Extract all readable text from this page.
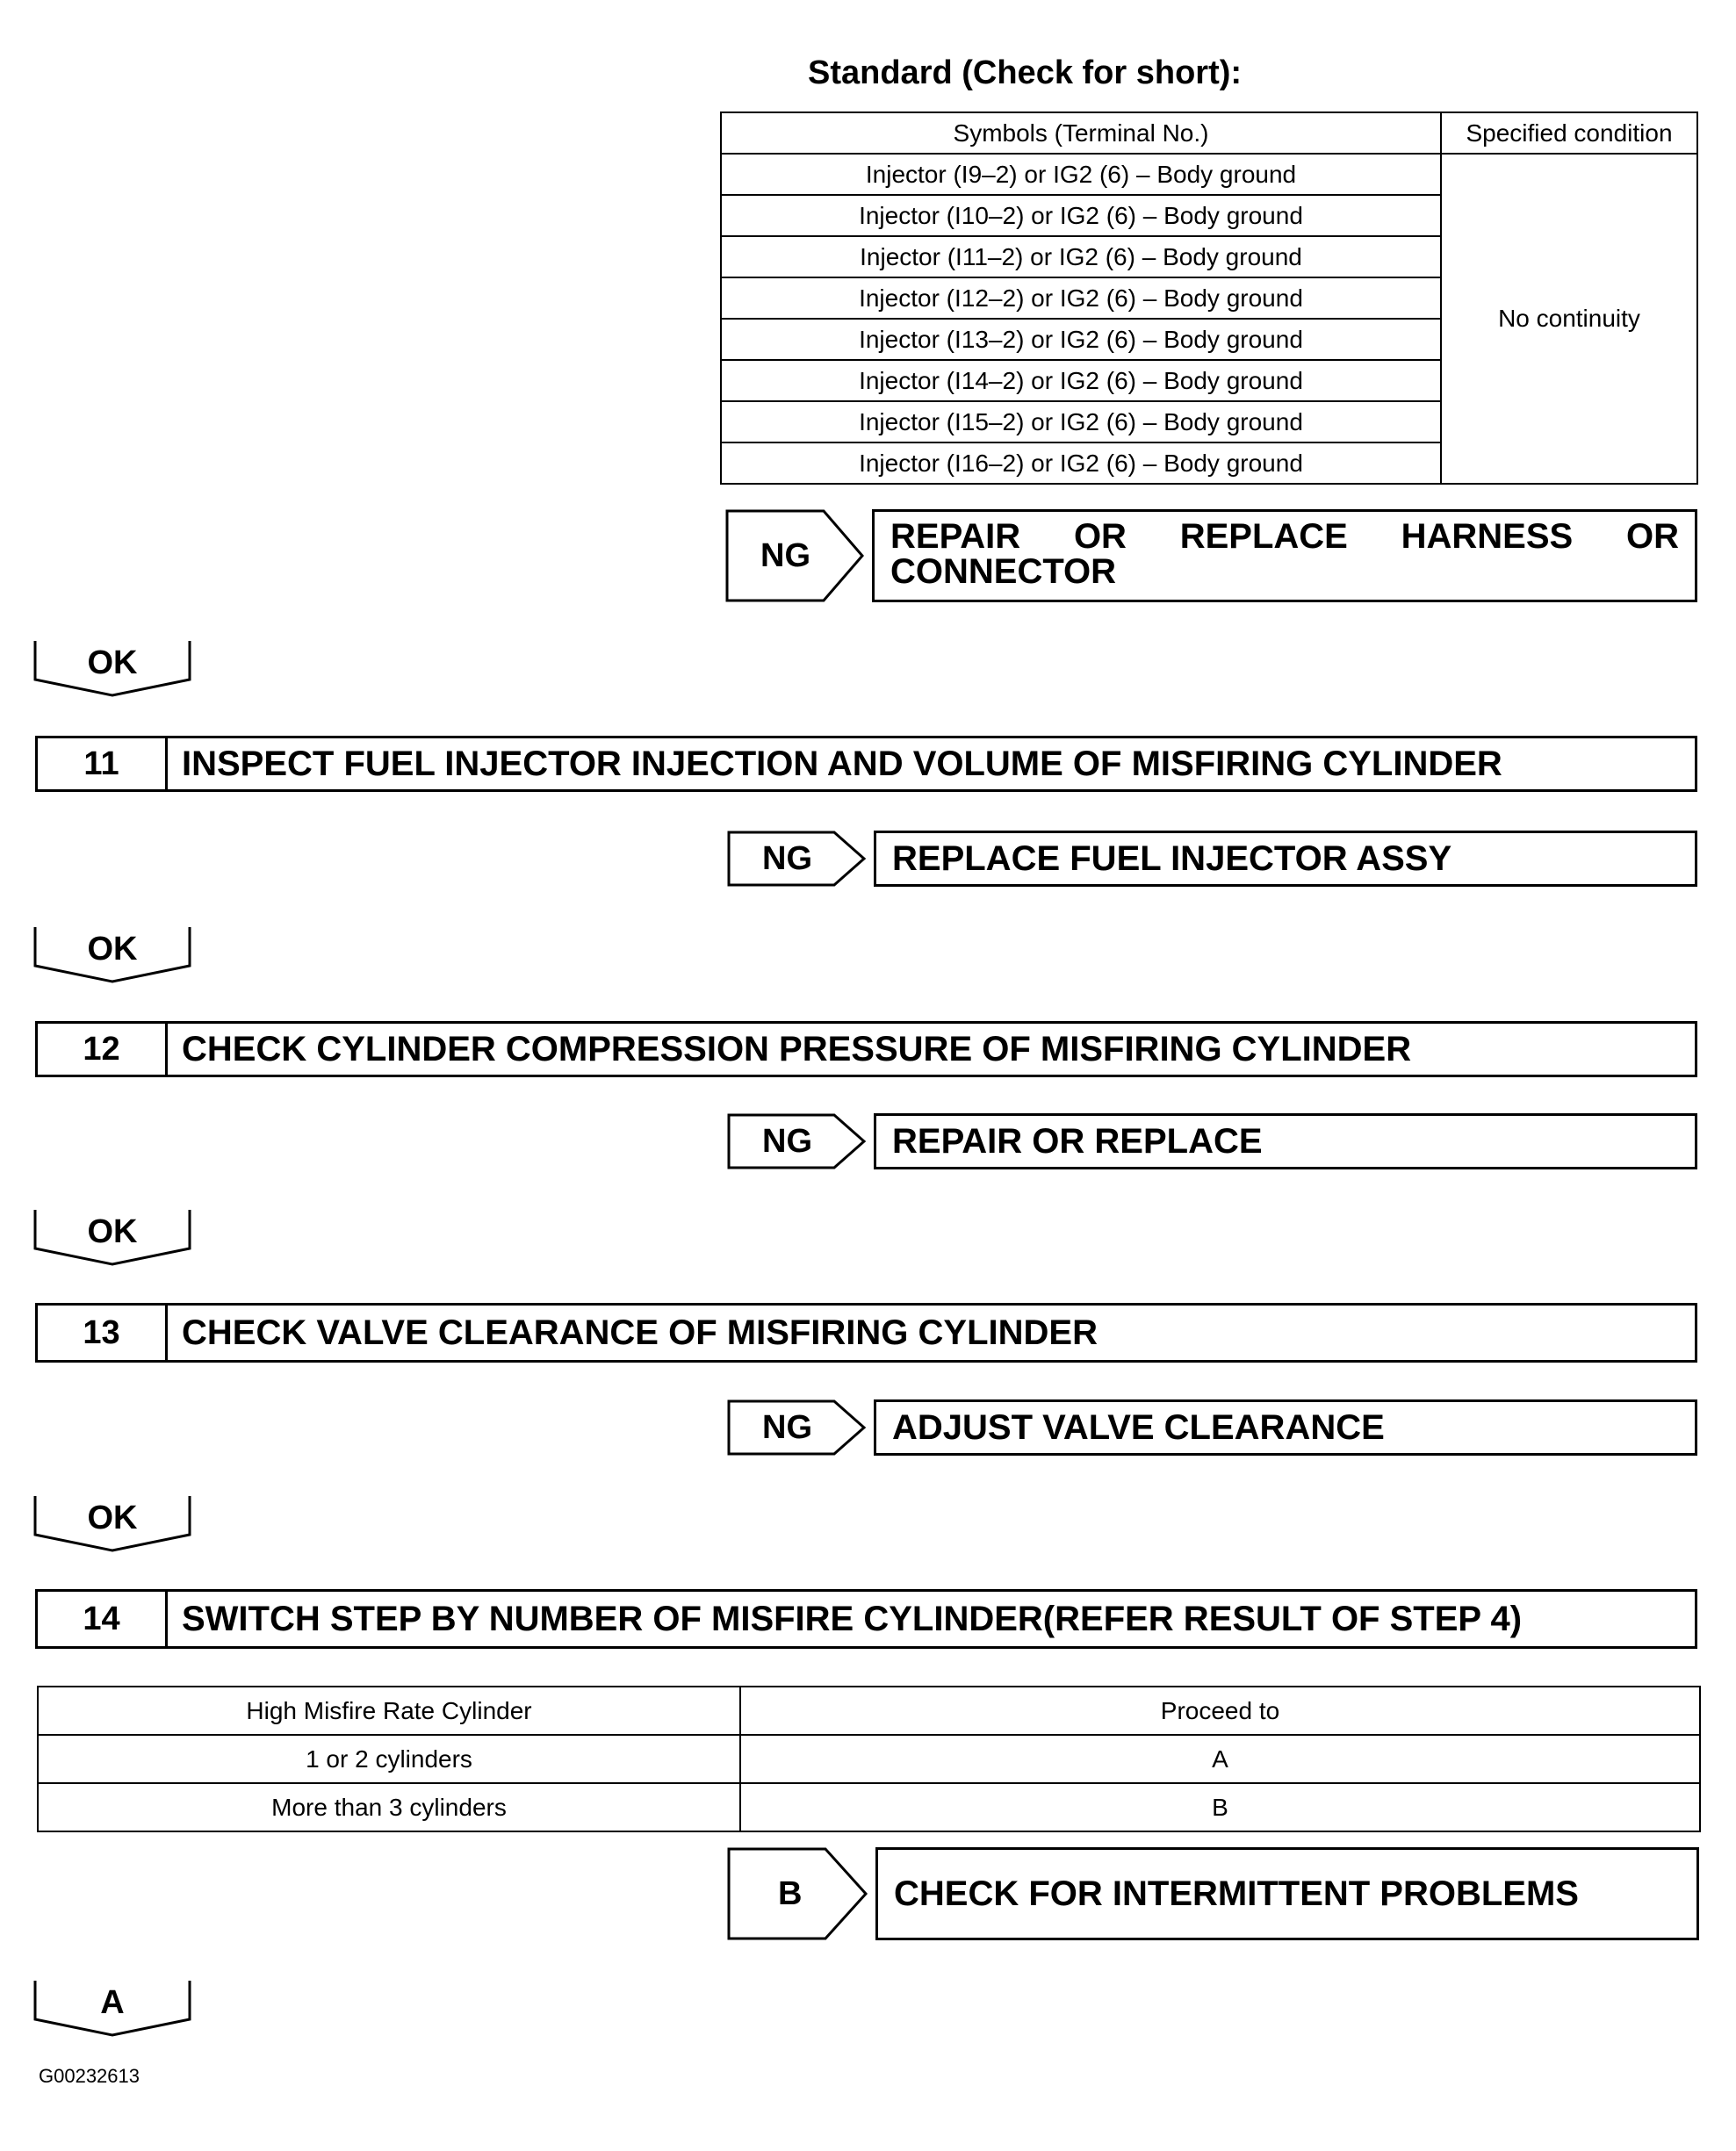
Standard (Check for short):
Symbols (Terminal No.)	Specified condition
Injector (I9–2) or IG2 (6) – Body ground	No continuity
Injector (I10–2) or IG2 (6) – Body ground	
Injector (I11–2) or IG2 (6) – Body ground	
Injector (I12–2) or IG2 (6) – Body ground	
Injector (I13–2) or IG2 (6) – Body ground	
Injector (I14–2) or IG2 (6) – Body ground	
Injector (I15–2) or IG2 (6) – Body ground	
Injector (I16–2) or IG2 (6) – Body ground	
NG REPAIR OR REPLACE HARNESS OR
CONNECTOR
OK
11	INSPECT FUEL INJECTOR INJECTION AND VOLUME OF MISFIRING CYLINDER
NG	REPLACE FUEL INJECTOR ASSY
OK
12	CHECK CYLINDER COMPRESSION PRESSURE OF MISFIRING CYLINDER
NG	REPAIR OR REPLACE
OK
13	CHECK VALVE CLEARANCE OF MISFIRING CYLINDER
NG	ADJUST VALVE CLEARANCE
OK
14	SWITCH STEP BY NUMBER OF MISFIRE CYLINDER(REFER RESULT OF STEP 4)
High Misfire Rate Cylinder	Proceed to
1 or 2 cylinders	A
More than 3 cylinders	B
B	CHECK FOR INTERMITTENT PROBLEMS
A
G00232613
